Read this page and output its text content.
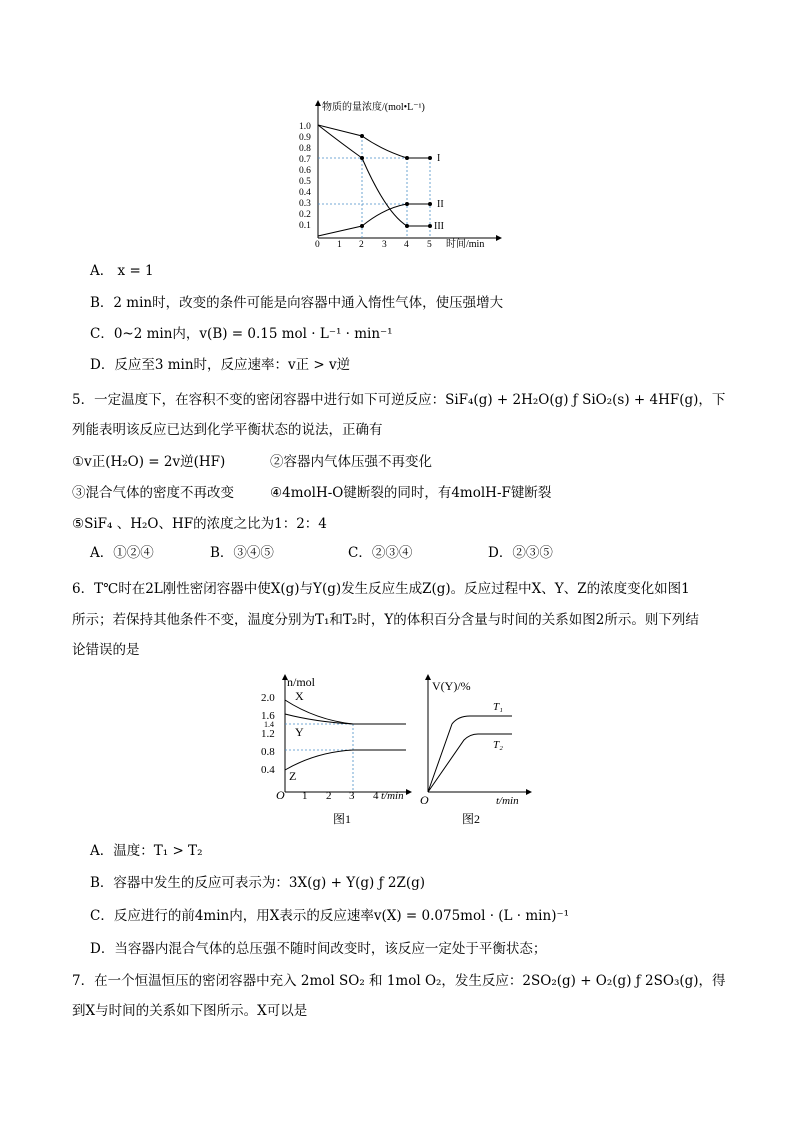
物质的量浓度/(mol•L⁻¹)
时间/min
1.0
0.9
0.8
0.7
0.6
0.5
0.4
0.3
0.2
0.1
0 1 2 3 4 5
I
II
III
A． x = 1
B．2 min时，改变的条件可能是向容器中通入惰性气体，使压强增大
C．0~2 min内，v(B) = 0.15 mol · L⁻¹ · min⁻¹
D．反应至3 min时，反应速率：v正 > v逆
5．一定温度下，在容积不变的密闭容器中进行如下可逆反应：SiF₄(g) + 2H₂O(g) ƒ SiO₂(s) + 4HF(g)，下
列能表明该反应已达到化学平衡状态的说法，正确有
①v正(H₂O) = 2v逆(HF)	②容器内气体压强不再变化
③混合气体的密度不再改变	④4molH-O键断裂的同时，有4molH-F键断裂
⑤SiF₄ 、H₂O、HF的浓度之比为1：2：4
A．①②④	B．③④⑤	C．②③④	D．②③⑤
6．T℃时在2L刚性密闭容器中使X(g)与Y(g)发生反应生成Z(g)。反应过程中X、Y、Z的浓度变化如图1
所示；若保持其他条件不变，温度分别为T₁和T₂时，Y的体积百分含量与时间的关系如图2所示。则下列结
论错误的是
n/mol
t/min
O
2.0
1.6
1.4
1.2
0.8
0.4
1 2 3 4
X
Y
Z
图1
V(Y)/%
t/min
O
T₁
T₂
图2
A．温度：T₁ > T₂
B．容器中发生的反应可表示为：3X(g) + Y(g) ƒ 2Z(g)
C．反应进行的前4min内，用X表示的反应速率v(X) = 0.075mol · (L · min)⁻¹
D．当容器内混合气体的总压强不随时间改变时，该反应一定处于平衡状态；
7．在一个恒温恒压的密闭容器中充入 2mol SO₂ 和 1mol O₂，发生反应：2SO₂(g) + O₂(g) ƒ 2SO₃(g)，得
到X与时间的关系如下图所示。X可以是
